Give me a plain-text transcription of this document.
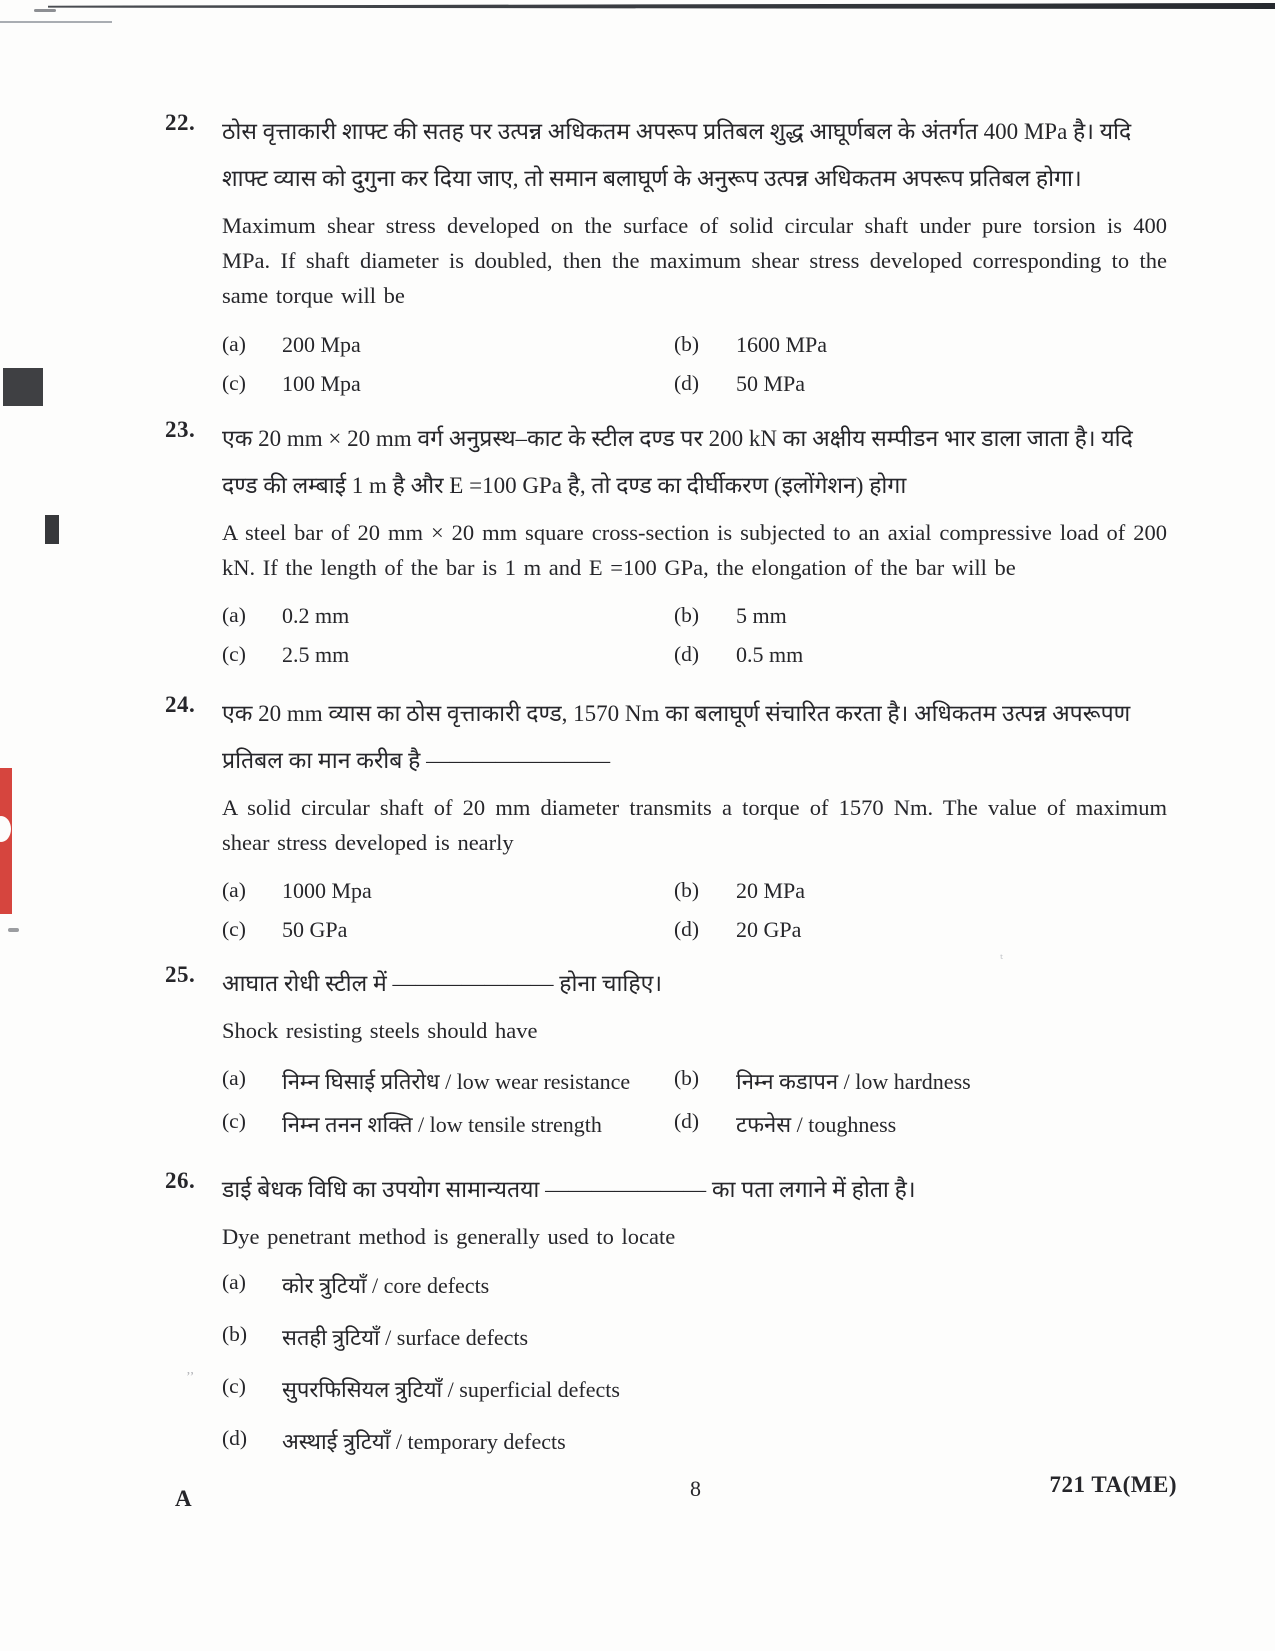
ₜ
’’
22. ठोस वृत्ताकारी शाफ्ट की सतह पर उत्पन्न अधिकतम अपरूप प्रतिबल शुद्ध आघूर्णबल के अंतर्गत 400 MPa है। यदि शाफ्ट व्यास को दुगुना कर दिया जाए, तो समान बलाघूर्ण के अनुरूप उत्पन्न अधिकतम अपरूप प्रतिबल होगा।
Maximum shear stress developed on the surface of solid circular shaft under pure torsion is 400 MPa. If shaft diameter is doubled, then the maximum shear stress developed corresponding to the same torque will be
(a)	200 Mpa	(b)	1600 MPa
(c)	100 Mpa	(d)	50 MPa
23. एक 20 mm × 20 mm वर्ग अनुप्रस्थ–काट के स्टील दण्ड पर 200 kN का अक्षीय सम्पीडन भार डाला जाता है। यदि दण्ड की लम्बाई 1 m है और E =100 GPa है, तो दण्ड का दीर्घीकरण (इलोंगेशन) होगा
A steel bar of 20 mm × 20 mm square cross-section is subjected to an axial compressive load of 200 kN. If the length of the bar is 1 m and E =100 GPa, the elongation of the bar will be
(a)	0.2 mm	(b)	5 mm
(c)	2.5 mm	(d)	0.5 mm
24. एक 20 mm व्यास का ठोस वृत्ताकारी दण्ड, 1570 Nm का बलाघूर्ण संचारित करता है। अधिकतम उत्पन्न अपरूपण प्रतिबल का मान करीब है ————————
A solid circular shaft of 20 mm diameter transmits a torque of 1570 Nm. The value of maximum shear stress developed is nearly
(a)	1000 Mpa	(b)	20 MPa
(c)	50 GPa	(d)	20 GPa
25. आघात रोधी स्टील में ——————— होना चाहिए।
Shock resisting steels should have
(a)	निम्न घिसाई प्रतिरोध / low wear resistance	(b)	निम्न कडापन / low hardness
(c)	निम्न तनन शक्ति / low tensile strength	(d)	टफनेस / toughness
26. डाई बेधक विधि का उपयोग सामान्यतया ——————— का पता लगाने में होता है।
Dye penetrant method is generally used to locate
(a)	कोर त्रुटियाँ / core defects
(b)	सतही त्रुटियाँ / surface defects
(c)	सुपरफिसियल त्रुटियाँ / superficial defects
(d)	अस्थाई त्रुटियाँ / temporary defects
A	8	721 TA(ME)
